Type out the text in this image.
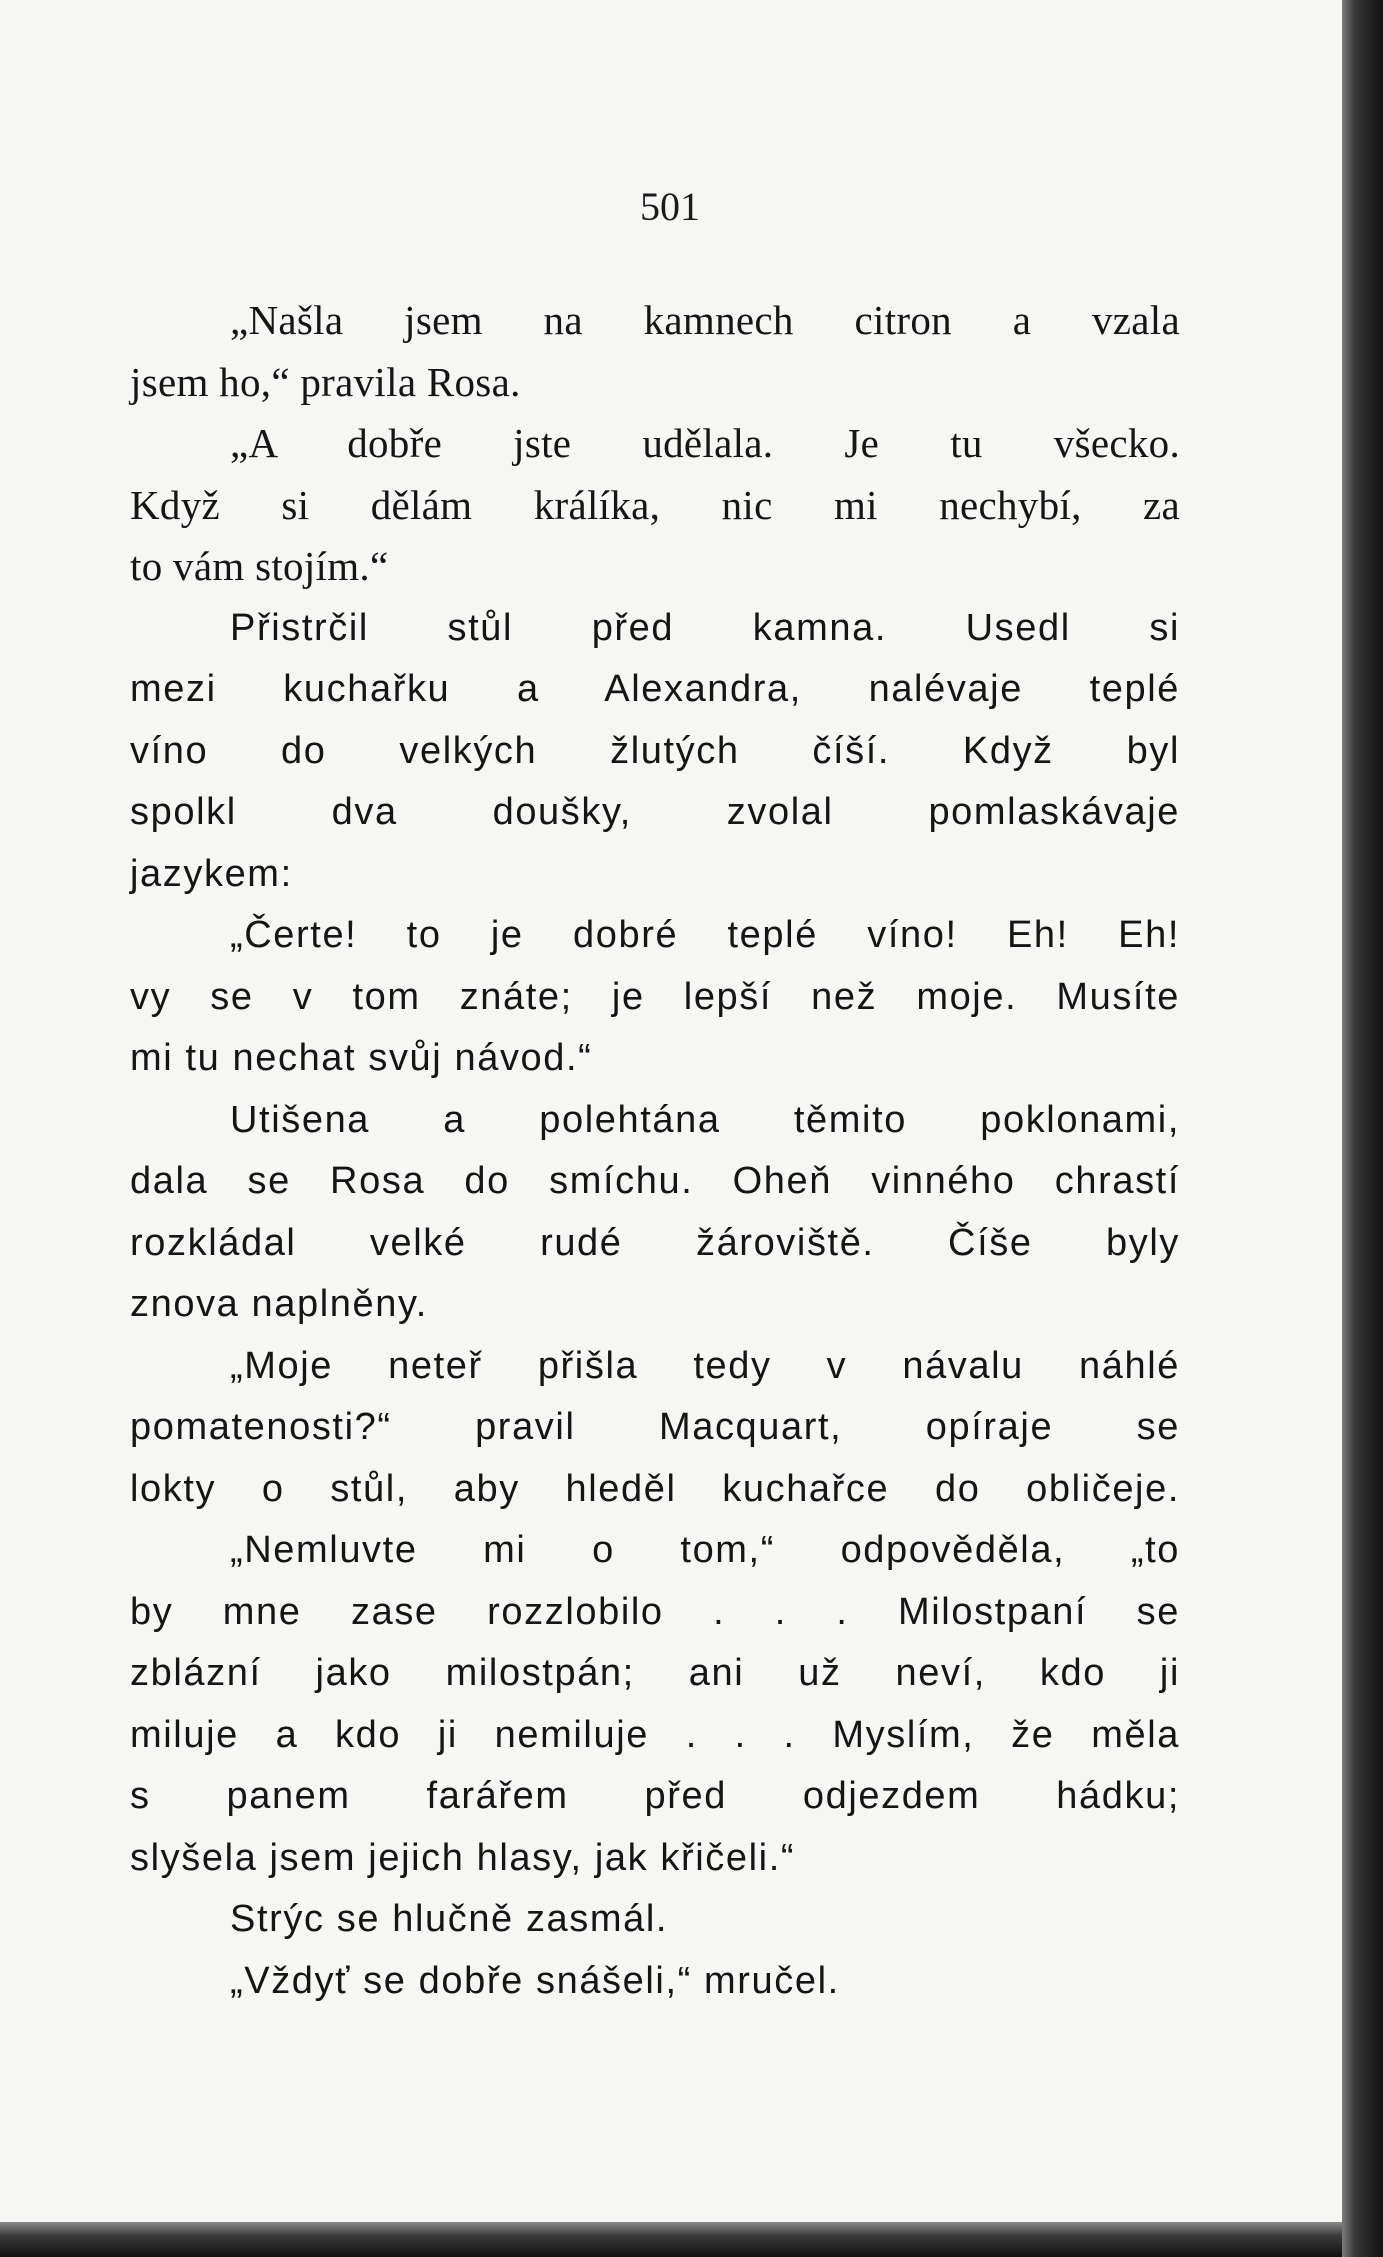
501
„Našla jsem na kamnech citron a vzala
jsem ho,“ pravila Rosa.
„A dobře jste udělala. Je tu všecko.
Když si dělám králíka, nic mi nechybí, za
to vám stojím.“
Přistrčil stůl před kamna. Usedl si
mezi kuchařku a Alexandra, nalévaje teplé
víno do velkých žlutých číší. Když byl
spolkl dva doušky, zvolal pomlaskávaje
jazykem:
„Čerte! to je dobré teplé víno! Eh! Eh!
vy se v tom znáte; je lepší než moje. Musíte
mi tu nechat svůj návod.“
Utišena a polehtána těmito poklonami,
dala se Rosa do smíchu. Oheň vinného chrastí
rozkládal velké rudé žároviště. Číše byly
znova naplněny.
„Moje neteř přišla tedy v návalu náhlé
pomatenosti?“ pravil Macquart, opíraje se
lokty o stůl, aby hleděl kuchařce do obličeje.
„Nemluvte mi o tom,“ odpověděla, „to
by mne zase rozzlobilo . . . Milostpaní se
zblázní jako milostpán; ani už neví, kdo ji
miluje a kdo ji nemiluje . . . Myslím, že měla
s panem farářem před odjezdem hádku;
slyšela jsem jejich hlasy, jak křičeli.“
Strýc se hlučně zasmál.
„Vždyť se dobře snášeli,“ mručel.
